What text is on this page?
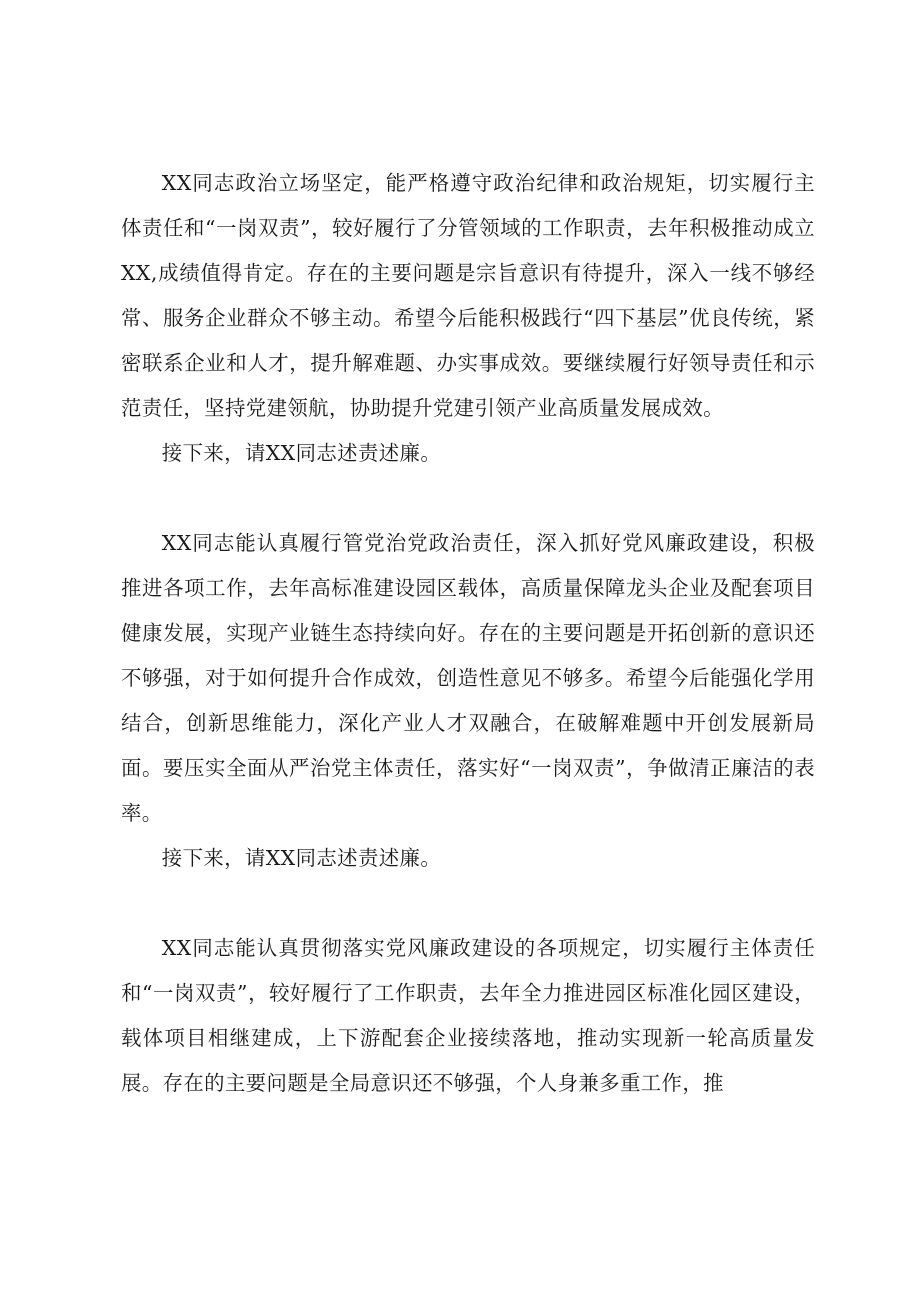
XX同志政治立场坚定，能严格遵守政治纪律和政治规矩，切实履行主体责任和“一岗双责”，较好履行了分管领域的工作职责，去年积极推动成立XX,成绩值得肯定。存在的主要问题是宗旨意识有待提升，深入一线不够经常、服务企业群众不够主动。希望今后能积极践行“四下基层”优良传统，紧密联系企业和人才，提升解难题、办实事成效。要继续履行好领导责任和示范责任，坚持党建领航，协助提升党建引领产业高质量发展成效。

接下来，请XX同志述责述廉。

XX同志能认真履行管党治党政治责任，深入抓好党风廉政建设，积极推进各项工作，去年高标准建设园区载体，高质量保障龙头企业及配套项目健康发展，实现产业链生态持续向好。存在的主要问题是开拓创新的意识还不够强，对于如何提升合作成效，创造性意见不够多。希望今后能强化学用结合，创新思维能力，深化产业人才双融合，在破解难题中开创发展新局面。要压实全面从严治党主体责任，落实好“一岗双责”，争做清正廉洁的表率。

接下来，请XX同志述责述廉。

XX同志能认真贯彻落实党风廉政建设的各项规定，切实履行主体责任和“一岗双责”，较好履行了工作职责，去年全力推进园区标准化园区建设，载体项目相继建成，上下游配套企业接续落地，推动实现新一轮高质量发展。存在的主要问题是全局意识还不够强，个人身兼多重工作，推
